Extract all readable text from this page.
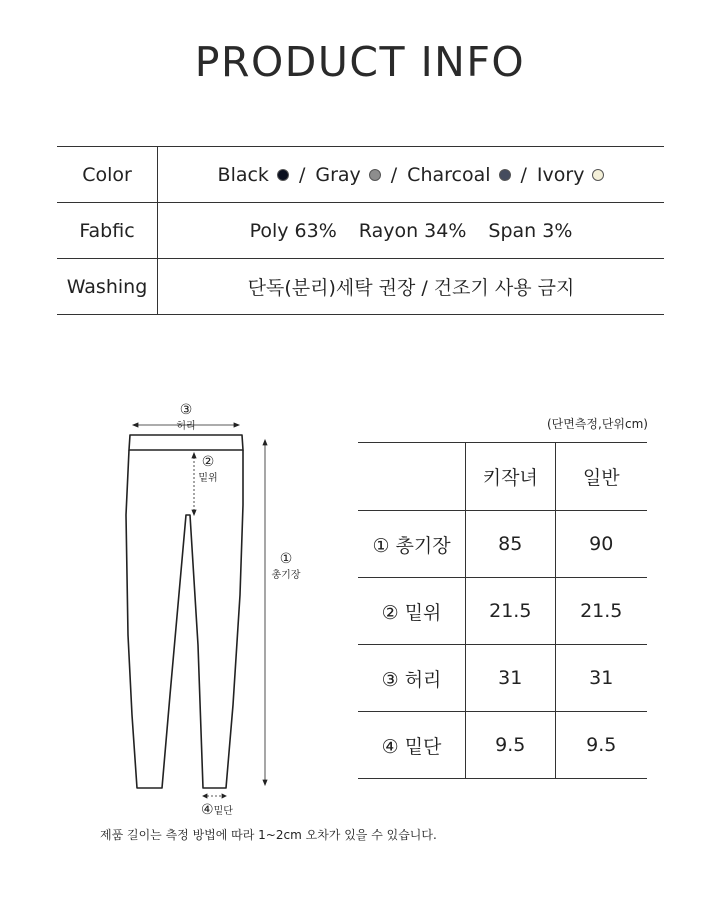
PRODUCT INFO
Color	Black / Gray / Charcoal / Ivory
Fabfic	Poly 63% Rayon 34% Span 3%
Washing	단독(분리)세탁 권장 / 건조기 사용 금지
③
허리
②
밑위
①
총기장
④밑단
(단면측정,단위cm)
	키작녀	일반
① 총기장	85	90
② 밑위	21.5	21.5
③ 허리	31	31
④ 밑단	9.5	9.5
제품 길이는 측정 방법에 따라 1~2cm 오차가 있을 수 있습니다.
